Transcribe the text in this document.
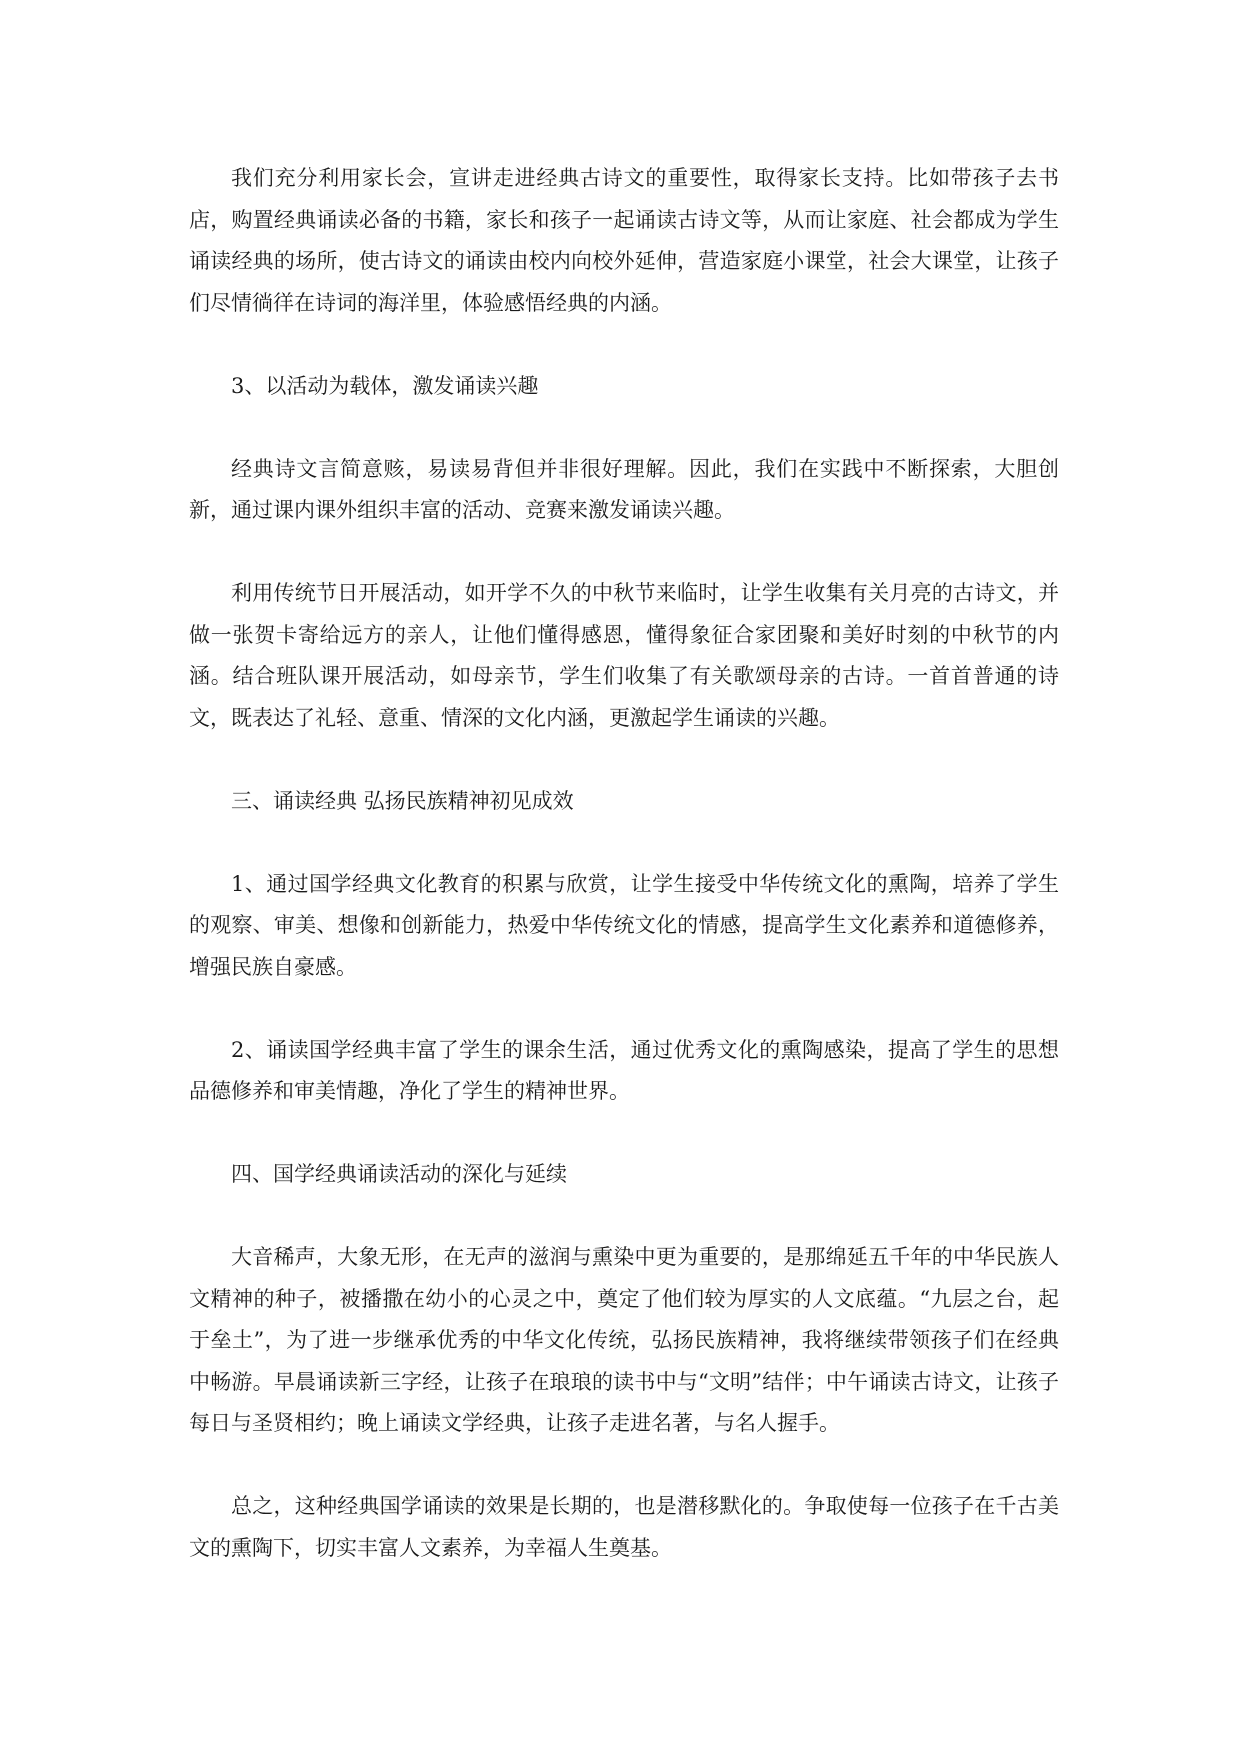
我们充分利用家长会，宣讲走进经典古诗文的重要性，取得家长支持。比如带孩子去书店，购置经典诵读必备的书籍，家长和孩子一起诵读古诗文等，从而让家庭、社会都成为学生诵读经典的场所，使古诗文的诵读由校内向校外延伸，营造家庭小课堂，社会大课堂，让孩子们尽情徜徉在诗词的海洋里，体验感悟经典的内涵。

3、以活动为载体，激发诵读兴趣

经典诗文言简意赅，易读易背但并非很好理解。因此，我们在实践中不断探索，大胆创新，通过课内课外组织丰富的活动、竞赛来激发诵读兴趣。

利用传统节日开展活动，如开学不久的中秋节来临时，让学生收集有关月亮的古诗文，并做一张贺卡寄给远方的亲人，让他们懂得感恩，懂得象征合家团聚和美好时刻的中秋节的内涵。结合班队课开展活动，如母亲节，学生们收集了有关歌颂母亲的古诗。一首首普通的诗文，既表达了礼轻、意重、情深的文化内涵，更激起学生诵读的兴趣。

三、诵读经典 弘扬民族精神初见成效

1、通过国学经典文化教育的积累与欣赏，让学生接受中华传统文化的熏陶，培养了学生的观察、审美、想像和创新能力，热爱中华传统文化的情感，提高学生文化素养和道德修养，增强民族自豪感。

2、诵读国学经典丰富了学生的课余生活，通过优秀文化的熏陶感染，提高了学生的思想品德修养和审美情趣，净化了学生的精神世界。

四、国学经典诵读活动的深化与延续

大音稀声，大象无形，在无声的滋润与熏染中更为重要的，是那绵延五千年的中华民族人文精神的种子，被播撒在幼小的心灵之中，奠定了他们较为厚实的人文底蕴。“九层之台，起于垒土”，为了进一步继承优秀的中华文化传统，弘扬民族精神，我将继续带领孩子们在经典中畅游。早晨诵读新三字经，让孩子在琅琅的读书中与“文明”结伴；中午诵读古诗文，让孩子每日与圣贤相约；晚上诵读文学经典，让孩子走进名著，与名人握手。

总之，这种经典国学诵读的效果是长期的，也是潜移默化的。争取使每一位孩子在千古美文的熏陶下，切实丰富人文素养，为幸福人生奠基。
